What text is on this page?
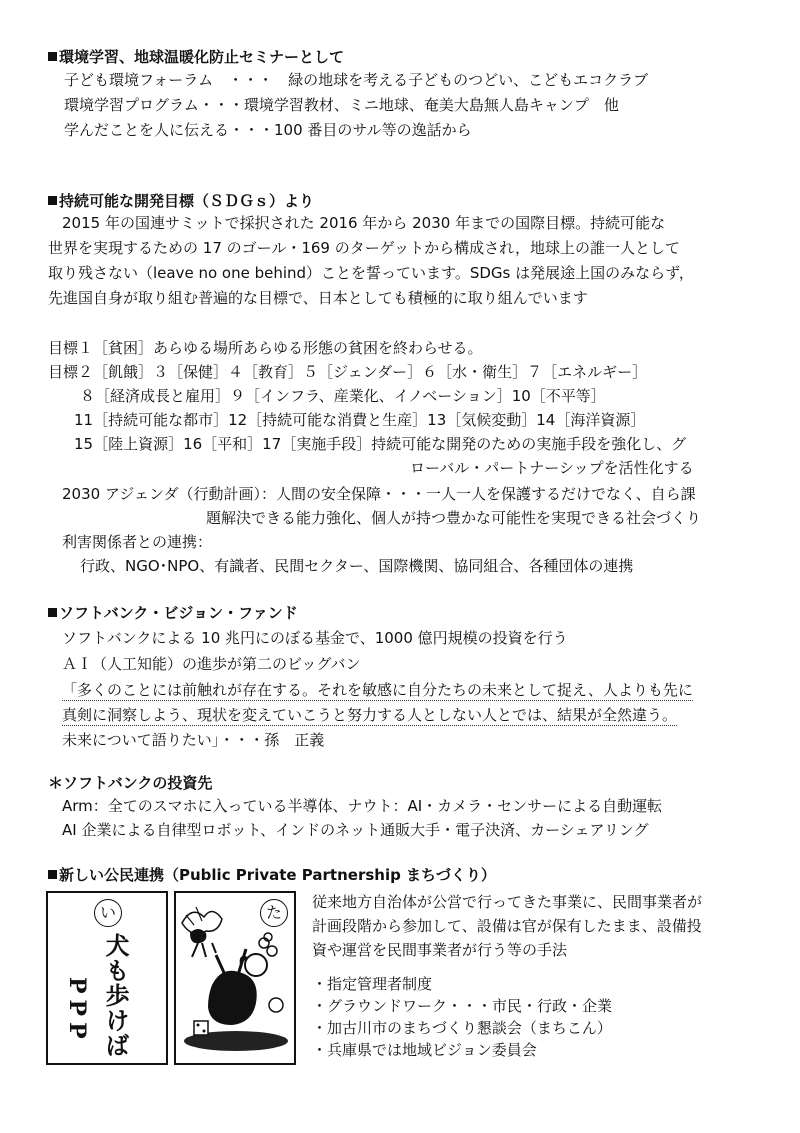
環境学習、地球温暖化防止セミナーとして
子ども環境フォーラム　・・・　緑の地球を考える子どものつどい、こどもエコクラブ
環境学習プログラム・・・環境学習教材、ミニ地球、奄美大島無人島キャンプ　他
学んだことを人に伝える・・・100 番目のサル等の逸話から
持続可能な開発目標（ＳＤＧｓ）より
2015 年の国連サミットで採択された 2016 年から 2030 年までの国際目標。持続可能な
世界を実現するための 17 のゴール・169 のターゲットから構成され，地球上の誰一人として
取り残さない（leave no one behind）ことを誓っています。SDGs は発展途上国のみならず，
先進国自身が取り組む普遍的な目標で、日本としても積極的に取り組んでいます
目標１［貧困］あらゆる場所あらゆる形態の貧困を終わらせる。
目標２［飢餓］３［保健］４［教育］５［ジェンダー］６［水・衛生］７［エネルギー］
８［経済成長と雇用］９［インフラ、産業化、イノベーション］10［不平等］
11［持続可能な都市］12［持続可能な消費と生産］13［気候変動］14［海洋資源］
15［陸上資源］16［平和］17［実施手段］持続可能な開発のための実施手段を強化し、グ
ローバル・パートナーシップを活性化する
2030 アジェンダ（行動計画）：人間の安全保障・・・一人一人を保護するだけでなく、自ら課
題解決できる能力強化、個人が持つ豊かな可能性を実現できる社会づくり
利害関係者との連携：
行政、NGO･NPO、有識者、民間セクター、国際機関、協同組合、各種団体の連携
ソフトバンク・ビジョン・ファンド
ソフトバンクによる 10 兆円にのぼる基金で、1000 億円規模の投資を行う
ＡＩ（人工知能）の進歩が第二のビッグバン
「多くのことには前触れが存在する。それを敏感に自分たちの未来として捉え、人よりも先に
真剣に洞察しよう、現状を変えていこうと努力する人としない人とでは、結果が全然違う。
未来について語りたい」・・・孫　正義
＊ソフトバンクの投資先
Arm：全てのスマホに入っている半導体、ナウト：AI・カメラ・センサーによる自動運転
AI 企業による自律型ロボット、インドのネット通販大手・電子決済、カーシェアリング
新しい公民連携（Public Private Partnership まちづくり）
従来地方自治体が公営で行ってきた事業に、民間事業者が
計画段階から参加して、設備は官が保有したまま、設備投
資や運営を民間事業者が行う等の手法
・指定管理者制度
・グラウンドワーク・・・市民・行政・企業
・加古川市のまちづくり懇談会（まちこん）
・兵庫県では地域ビジョン委員会
い
犬も歩けば
PPP
た
